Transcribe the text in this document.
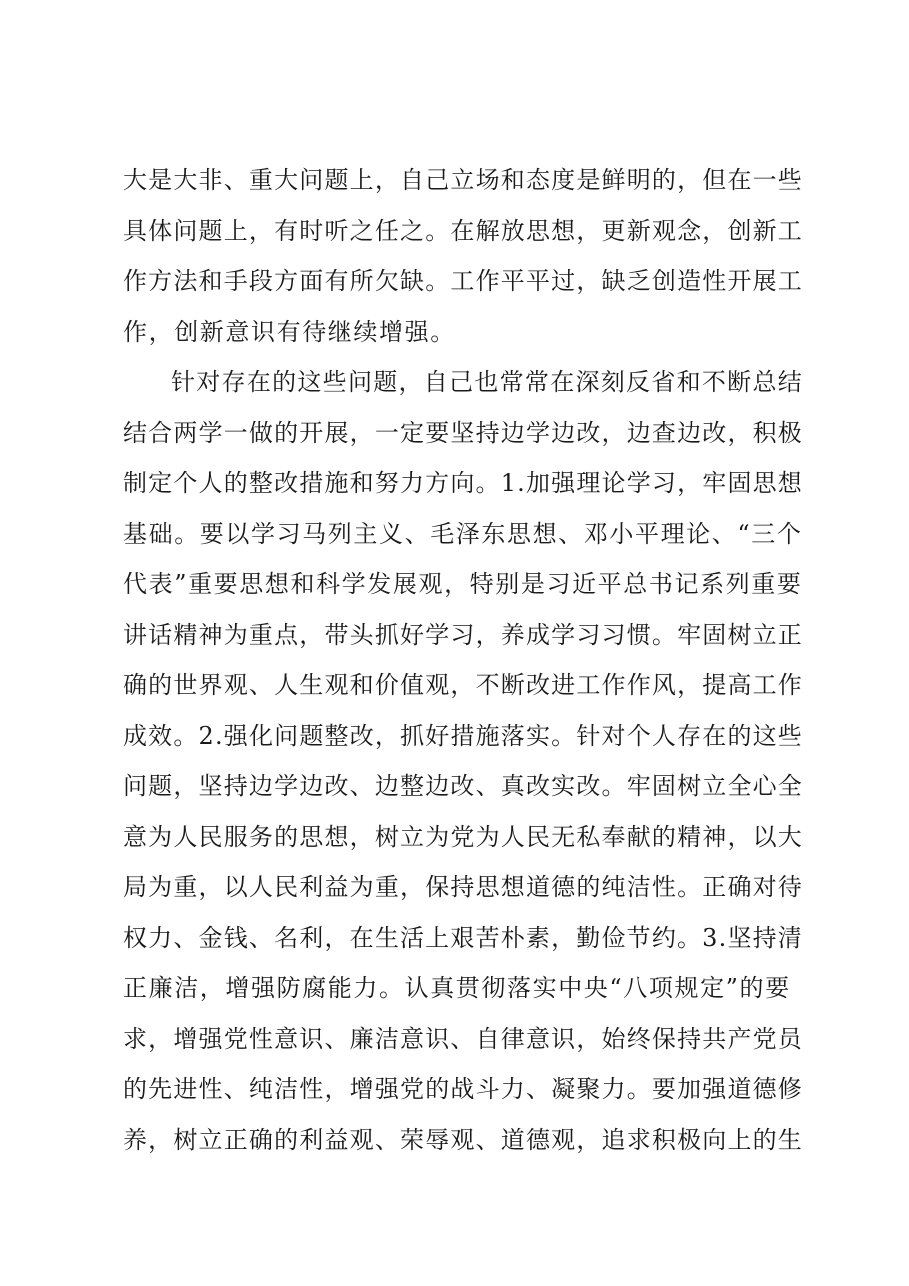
大是大非、重大问题上，自己立场和态度是鲜明的，但在一些
具体问题上，有时听之任之。在解放思想，更新观念，创新工
作方法和手段方面有所欠缺。工作平平过，缺乏创造性开展工
作，创新意识有待继续增强。
针对存在的这些问题，自己也常常在深刻反省和不断总结
结合两学一做的开展，一定要坚持边学边改，边查边改，积极
制定个人的整改措施和努力方向。1.加强理论学习，牢固思想
基础。要以学习马列主义、毛泽东思想、邓小平理论、“三个
代表”重要思想和科学发展观，特别是习近平总书记系列重要
讲话精神为重点，带头抓好学习，养成学习习惯。牢固树立正
确的世界观、人生观和价值观，不断改进工作作风，提高工作
成效。2.强化问题整改，抓好措施落实。针对个人存在的这些
问题，坚持边学边改、边整边改、真改实改。牢固树立全心全
意为人民服务的思想，树立为党为人民无私奉献的精神，以大
局为重，以人民利益为重，保持思想道德的纯洁性。正确对待
权力、金钱、名利，在生活上艰苦朴素，勤俭节约。3.坚持清
正廉洁，增强防腐能力。认真贯彻落实中央“八项规定”的要
求，增强党性意识、廉洁意识、自律意识，始终保持共产党员
的先进性、纯洁性，增强党的战斗力、凝聚力。要加强道德修
养，树立正确的利益观、荣辱观、道德观，追求积极向上的生
